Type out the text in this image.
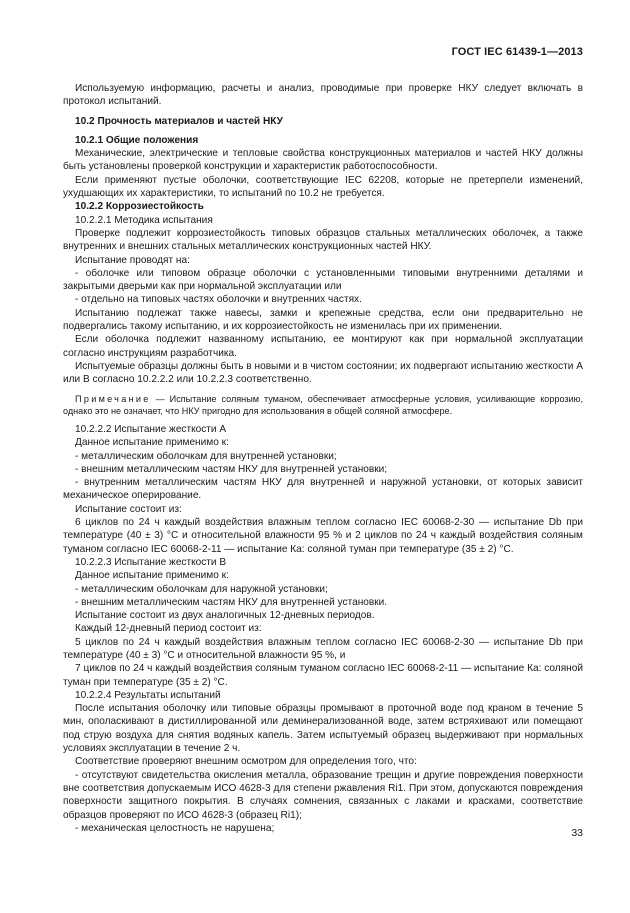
ГОСТ IEC 61439-1—2013

Используемую информацию, расчеты и анализ, проводимые при проверке НКУ следует включать в протокол испытаний.

10.2 Прочность материалов и частей НКУ

10.2.1 Общие положения

Механические, электрические и тепловые свойства конструкционных материалов и частей НКУ должны быть установлены проверкой конструкции и характеристик работоспособности.

Если применяют пустые оболочки, соответствующие IEC 62208, которые не претерпели изменений, ухудшающих их характеристики, то испытаний по 10.2 не требуется.

10.2.2 Коррозиестойкость

10.2.2.1 Методика испытания

Проверке подлежит коррозиестойкость типовых образцов стальных металлических оболочек, а также внутренних и внешних стальных металлических конструкционных частей НКУ.

Испытание проводят на:

- оболочке или типовом образце оболочки с установленными типовыми внутренними деталями и закрытыми дверьми как при нормальной эксплуатации или

- отдельно на типовых частях оболочки и внутренних частях.

Испытанию подлежат также навесы, замки и крепежные средства, если они предварительно не подвергались такому испытанию, и их коррозиестойкость не изменилась при их применении.

Если оболочка подлежит названному испытанию, ее монтируют как при нормальной эксплуатации согласно инструкциям разработчика.

Испытуемые образцы должны быть в новыми и в чистом состоянии; их подвергают испытанию жесткости А или В согласно 10.2.2.2 или 10.2.2.3 соответственно.

Примечание — Испытание соляным туманом, обеспечивает атмосферные условия, усиливающие коррозию, однако это не означает, что НКУ пригодно для использования в общей соляной атмосфере.

10.2.2.2 Испытание жесткости А

Данное испытание применимо к:

- металлическим оболочкам для внутренней установки;

- внешним металлическим частям НКУ для внутренней установки;

- внутренним металлическим частям НКУ для внутренней и наружной установки, от которых зависит механическое оперирование.

Испытание состоит из:

6 циклов по 24 ч каждый воздействия влажным теплом согласно IEC 60068-2-30 — испытание Db при температуре (40 ± 3) °C и относительной влажности 95 % и 2 циклов по 24 ч каждый воздействия соляным туманом согласно IEC 60068-2-11 — испытание Ка: соляной туман при температуре (35 ± 2) °C.

10.2.2.3 Испытание жесткости В

Данное испытание применимо к:

- металлическим оболочкам для наружной установки;

- внешним металлическим частям НКУ для внутренней установки.

Испытание состоит из двух аналогичных 12-дневных периодов.

Каждый 12-дневный период состоит из:

5 циклов по 24 ч каждый воздействия влажным теплом согласно IEC 60068-2-30 — испытание Db при температуре (40 ± 3) °C и относительной влажности 95 %, и

7 циклов по 24 ч каждый воздействия соляным туманом согласно IEC 60068-2-11 — испытание Ка: соляной туман при температуре (35 ± 2) °C.

10.2.2.4 Результаты испытаний

После испытания оболочку или типовые образцы промывают в проточной воде под краном в течение 5 мин, ополаскивают в дистиллированной или деминерализованной воде, затем встряхивают или помещают под струю воздуха для снятия водяных капель. Затем испытуемый образец выдерживают при нормальных условиях эксплуатации в течение 2 ч.

Соответствие проверяют внешним осмотром для определения того, что:

- отсутствуют свидетельства окисления металла, образование трещин и другие повреждения поверхности вне соответствия допускаемым ИСО 4628-3 для степени ржавления Ri1. При этом, допускаются повреждения поверхности защитного покрытия. В случаях сомнения, связанных с лаками и красками, соответствие образцов проверяют по ИСО 4628-3 (образец Ri1);

- механическая целостность не нарушена;	33
